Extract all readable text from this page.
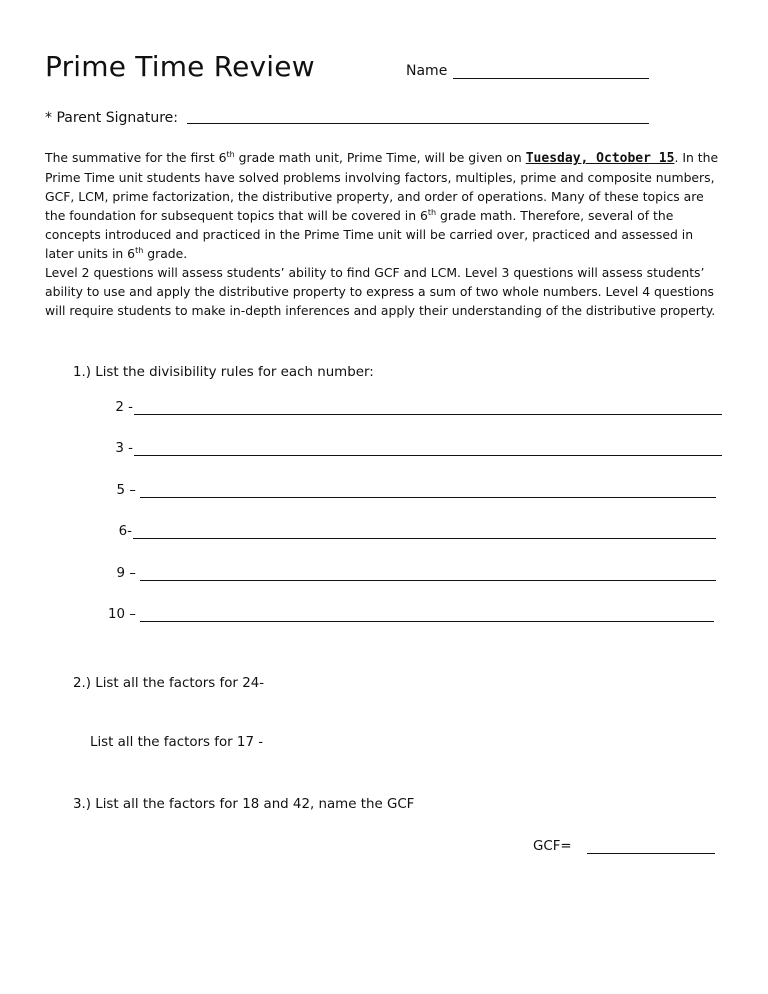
Prime Time Review	Name
* Parent Signature:

The summative for the first 6th grade math unit, Prime Time, will be given on Tuesday, October 15. In the Prime Time unit students have solved problems involving factors, multiples, prime and composite numbers, GCF, LCM, prime factorization, the distributive property, and order of operations. Many of these topics are the foundation for subsequent topics that will be covered in 6th grade math. Therefore, several of the concepts introduced and practiced in the Prime Time unit will be carried over, practiced and assessed in later units in 6th grade.
Level 2 questions will assess students’ ability to find GCF and LCM. Level 3 questions will assess students’ ability to use and apply the distributive property to express a sum of two whole numbers. Level 4 questions will require students to make in-depth inferences and apply their understanding of the distributive property.

1.) List the divisibility rules for each number:
2 -
3 -
5 –
6-
9 –
10 –
2.) List all the factors for 24-
List all the factors for 17 -
3.) List all the factors for 18 and 42, name the GCF
GCF=
